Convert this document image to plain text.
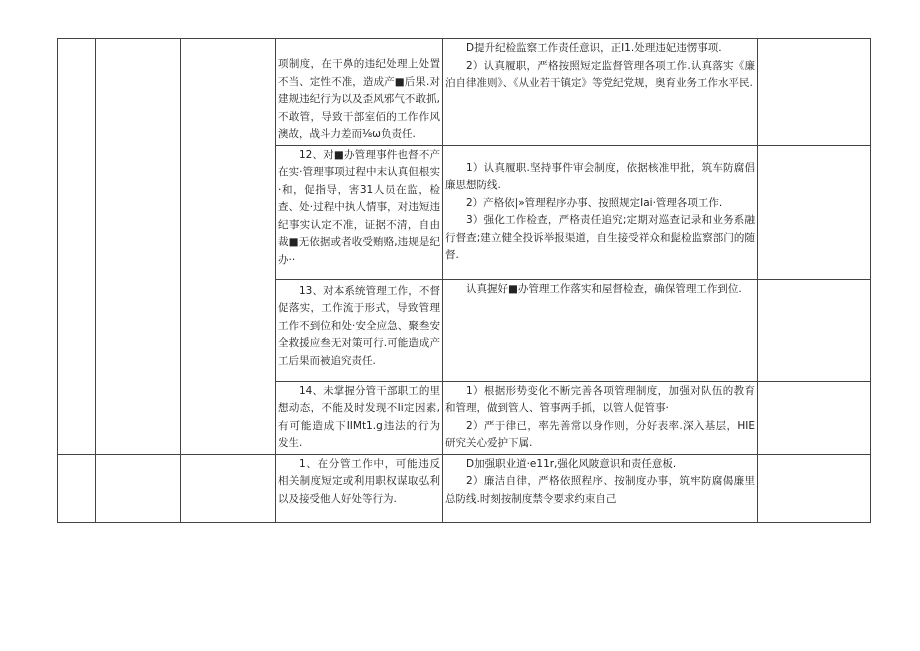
			项制度，在干鼻的违纪处理上处置不当、定性不准，造成产■后果.对建规违纪行为以及歪风邪气不敢抓,不敢管，导致干部室佰的工作作风澳故，战斗力差而⅛ω负责任.	D提升纪检监察工作责任意识，正I1.处理违妃违愣事项.

2）认真履职，严格按照短定监督管理各项工作.认真落实《廉泊自律准则》、《从业若干镇定》等党纪党规，奥育业务工作水平民.	

			12、对■办管理事件也督不产在实·管理事项过程中末认真但根实·和，促指导，害31人员在监，检查、处·过程中执人情事，对违短违纪事实认定不准，证据不清，自由裁■无依据或者收受贿赂,违规是纪办··	1）认真履职.坚持事件审会制度，依据核准甲批，筑车防腐倡廉思想防线.

2）产格依|»管理程序办事、按照规定Iai·管理各项工作.

3）强化工作检查，严格责任追究;定期对巡查记录和业务系融行督查;建立健全投诉举报渠道，自生接受祥众和髭检监察部门的随督.	

			13、对本系统管理工作，不督促落实，工作流于形式，导致管理工作不到位和处·安全应急、聚叁安全救援应叁无对策可行.可能造成产工后果而被追究责任.	认真握好■办管理工作落实和屋督检查，确保管理工作到位.	

			14、未掌握分管干部职工的里想动态，不能及时发现不Ii定因素,有可能造成下IIMt1.g违法的行为发生.	1）根据形势变化不断完善各项管理制度，加强对队伍的教育和管理，做到管人、管事两手抓，以管人促管事·

2）严于律已，率先善常以身作则，分好表率.深入基层，HIE研究关心爱护下属.	

			1、在分管工作中，可能违反相关制度短定或利用职权谋取弘利以及接受他人好处等行为.	D加强职业道·e11r,强化风陂意识和责任意板.

2）廉洁自律，严格依照程序、按制度办事，筑牢防腐偈廉里总防线.时刻按制度禁令要求约束自己	
